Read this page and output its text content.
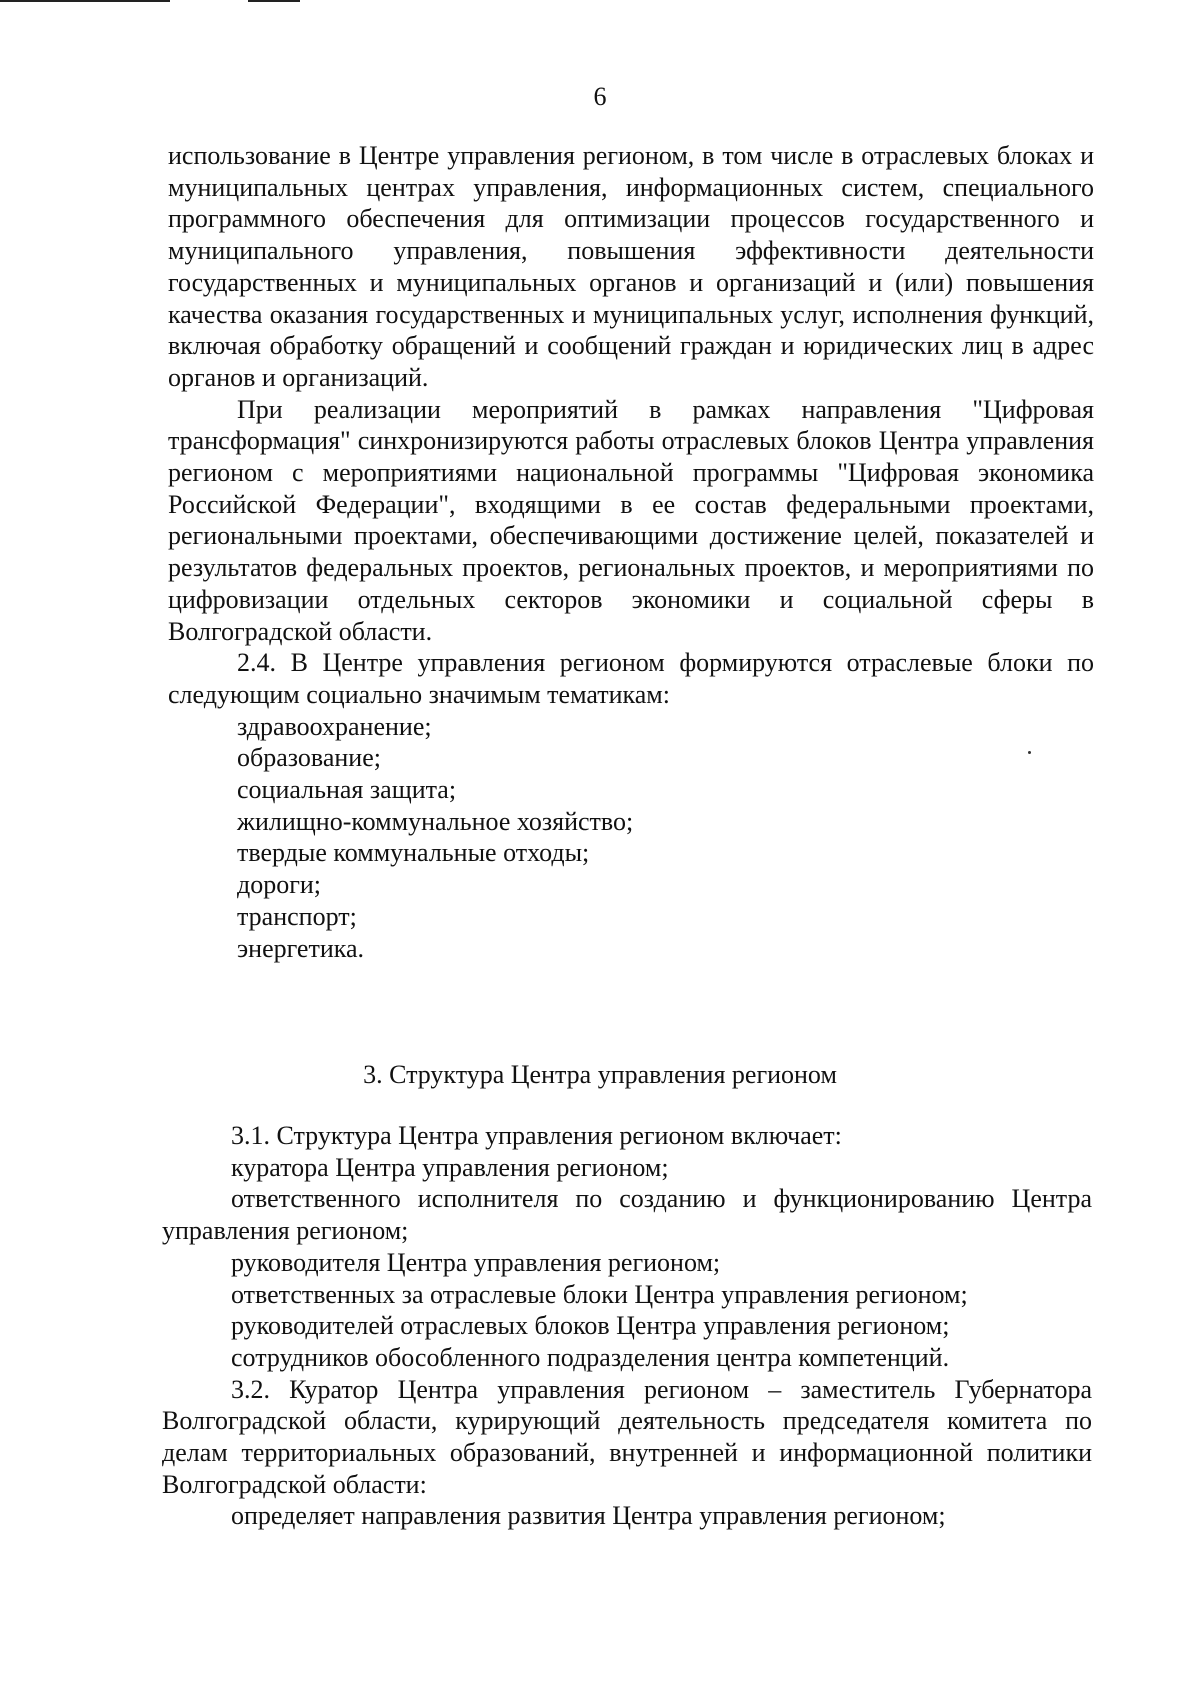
6

использование в Центре управления регионом, в том числе в отраслевых блоках и муниципальных центрах управления, информационных систем, специального программного обеспечения для оптимизации процессов государственного и муниципального управления, повышения эффективности деятельности государственных и муниципальных органов и организаций и (или) повышения качества оказания государственных и муниципальных услуг, исполнения функций, включая обработку обращений и сообщений граждан и юридических лиц в адрес органов и организаций.

При реализации мероприятий в рамках направления "Цифровая трансформация" синхронизируются работы отраслевых блоков Центра управления регионом с мероприятиями национальной программы "Цифровая экономика Российской Федерации", входящими в ее состав федеральными проектами, региональными проектами, обеспечивающими достижение целей, показателей и результатов федеральных проектов, региональных проектов, и мероприятиями по цифровизации отдельных секторов экономики и социальной сферы в Волгоградской области.

2.4. В Центре управления регионом формируются отраслевые блоки по следующим социально значимым тематикам:

здравоохранение;

образование;

социальная защита;

жилищно-коммунальное хозяйство;

твердые коммунальные отходы;

дороги;

транспорт;

энергетика.

3. Структура Центра управления регионом

3.1. Структура Центра управления регионом включает:

куратора Центра управления регионом;

ответственного исполнителя по созданию и функционированию Центра управления регионом;

руководителя Центра управления регионом;

ответственных за отраслевые блоки Центра управления регионом;

руководителей отраслевых блоков Центра управления регионом;

сотрудников обособленного подразделения центра компетенций.

3.2. Куратор Центра управления регионом – заместитель Губернатора Волгоградской области, курирующий деятельность председателя комитета по делам территориальных образований, внутренней и информационной политики Волгоградской области:

определяет направления развития Центра управления регионом;
